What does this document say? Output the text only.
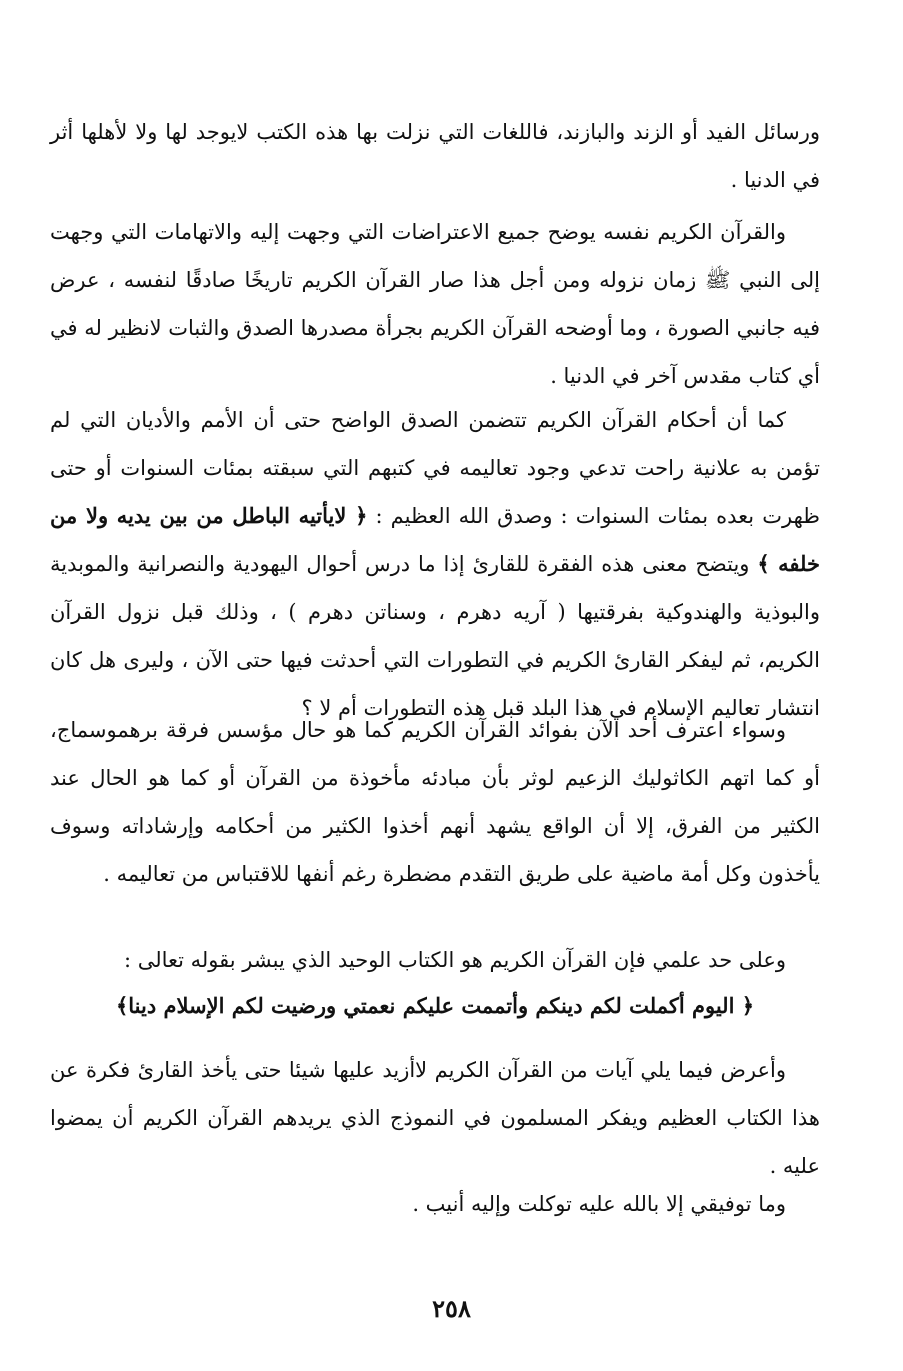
ورسائل الفيد أو الزند والبازند، فاللغات التي نزلت بها هذه الكتب لايوجد لها ولا لأهلها أثر في الدنيا .

والقرآن الكريم نفسه يوضح جميع الاعتراضات التي وجهت إليه والاتهامات التي وجهت إلى النبي ﷺ زمان نزوله ومن أجل هذا صار القرآن الكريم تاريخًا صادقًا لنفسه ، عرض فيه جانبي الصورة ، وما أوضحه القرآن الكريم بجرأة مصدرها الصدق والثبات لانظير له في أي كتاب مقدس آخر في الدنيا .

كما أن أحكام القرآن الكريم تتضمن الصدق الواضح حتى أن الأمم والأديان التي لم تؤمن به علانية راحت تدعي وجود تعاليمه في كتبهم التي سبقته بمئات السنوات أو حتى ظهرت بعده بمئات السنوات : وصدق الله العظيم : ﴿ لايأتيه الباطل من بين يديه ولا من خلفه ﴾ ويتضح معنى هذه الفقرة للقارئ إذا ما درس أحوال اليهودية والنصرانية والموبدية والبوذية والهندوكية بفرقتيها ( آريه دهرم ، وسناتن دهرم ) ، وذلك قبل نزول القرآن الكريم، ثم ليفكر القارئ الكريم في التطورات التي أحدثت فيها حتى الآن ، وليرى هل كان انتشار تعاليم الإسلام في هذا البلد قبل هذه التطورات أم لا ؟

وسواء اعترف أحد الآن بفوائد القرآن الكريم كما هو حال مؤسس فرقة برهموسماج، أو كما اتهم الكاثوليك الزعيم لوثر بأن مبادئه مأخوذة من القرآن أو كما هو الحال عند الكثير من الفرق، إلا أن الواقع يشهد أنهم أخذوا الكثير من أحكامه وإرشاداته وسوف يأخذون وكل أمة ماضية على طريق التقدم مضطرة رغم أنفها للاقتباس من تعاليمه .

وعلى حد علمي فإن القرآن الكريم هو الكتاب الوحيد الذي يبشر بقوله تعالى :

﴿ اليوم أكملت لكم دينكم وأتممت عليكم نعمتي ورضيت لكم الإسلام دينا﴾

وأعرض فيما يلي آيات من القرآن الكريم لاأزيد عليها شيئا حتى يأخذ القارئ فكرة عن هذا الكتاب العظيم ويفكر المسلمون في النموذج الذي يريدهم القرآن الكريم أن يمضوا عليه .

وما توفيقي إلا بالله عليه توكلت وإليه أنيب .

٢٥٨
